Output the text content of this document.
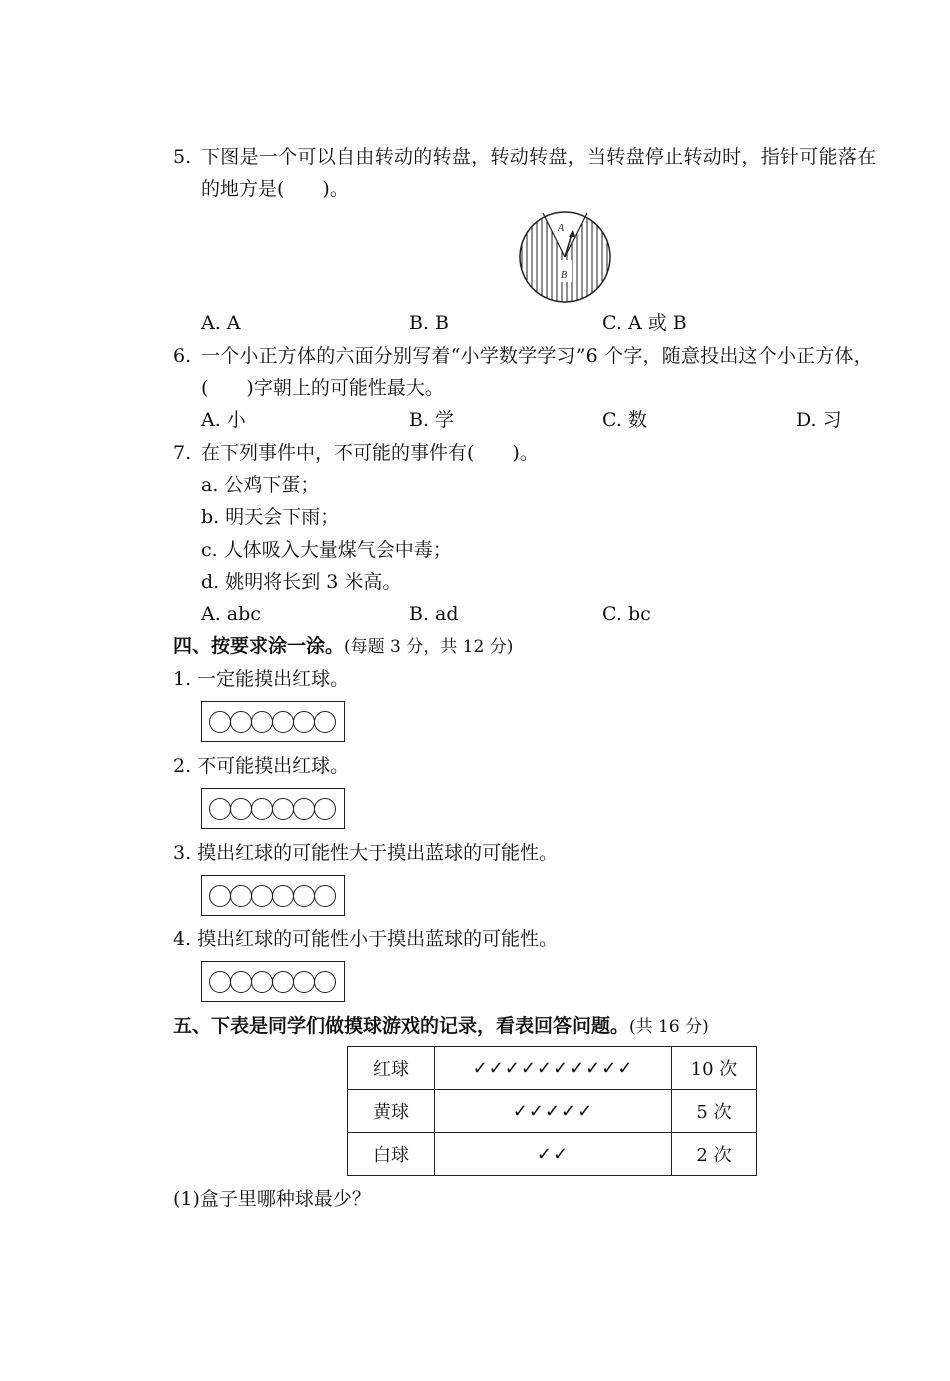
5. 下图是一个可以自由转动的转盘，转动转盘，当转盘停止转动时，指针可能落在
的地方是(　　)。
A
B
A. A	B. B	C. A 或 B
6. 一个小正方体的六面分别写着“小学数学学习”6 个字，随意投出这个小正方体，
(　　)字朝上的可能性最大。
A. 小	B. 学	C. 数	D. 习
7. 在下列事件中，不可能的事件有(　　)。
a. 公鸡下蛋；
b. 明天会下雨；
c. 人体吸入大量煤气会中毒；
d. 姚明将长到 3 米高。
A. abc	B. ad	C. bc
四、按要求涂一涂。(每题 3 分，共 12 分)
1. 一定能摸出红球。
2. 不可能摸出红球。
3. 摸出红球的可能性大于摸出蓝球的可能性。
4. 摸出红球的可能性小于摸出蓝球的可能性。
五、下表是同学们做摸球游戏的记录，看表回答问题。(共 16 分)
红球	✓✓✓✓✓✓✓✓✓✓	10 次
黄球	✓✓✓✓✓	5 次
白球	✓✓	2 次
(1)盒子里哪种球最少？
